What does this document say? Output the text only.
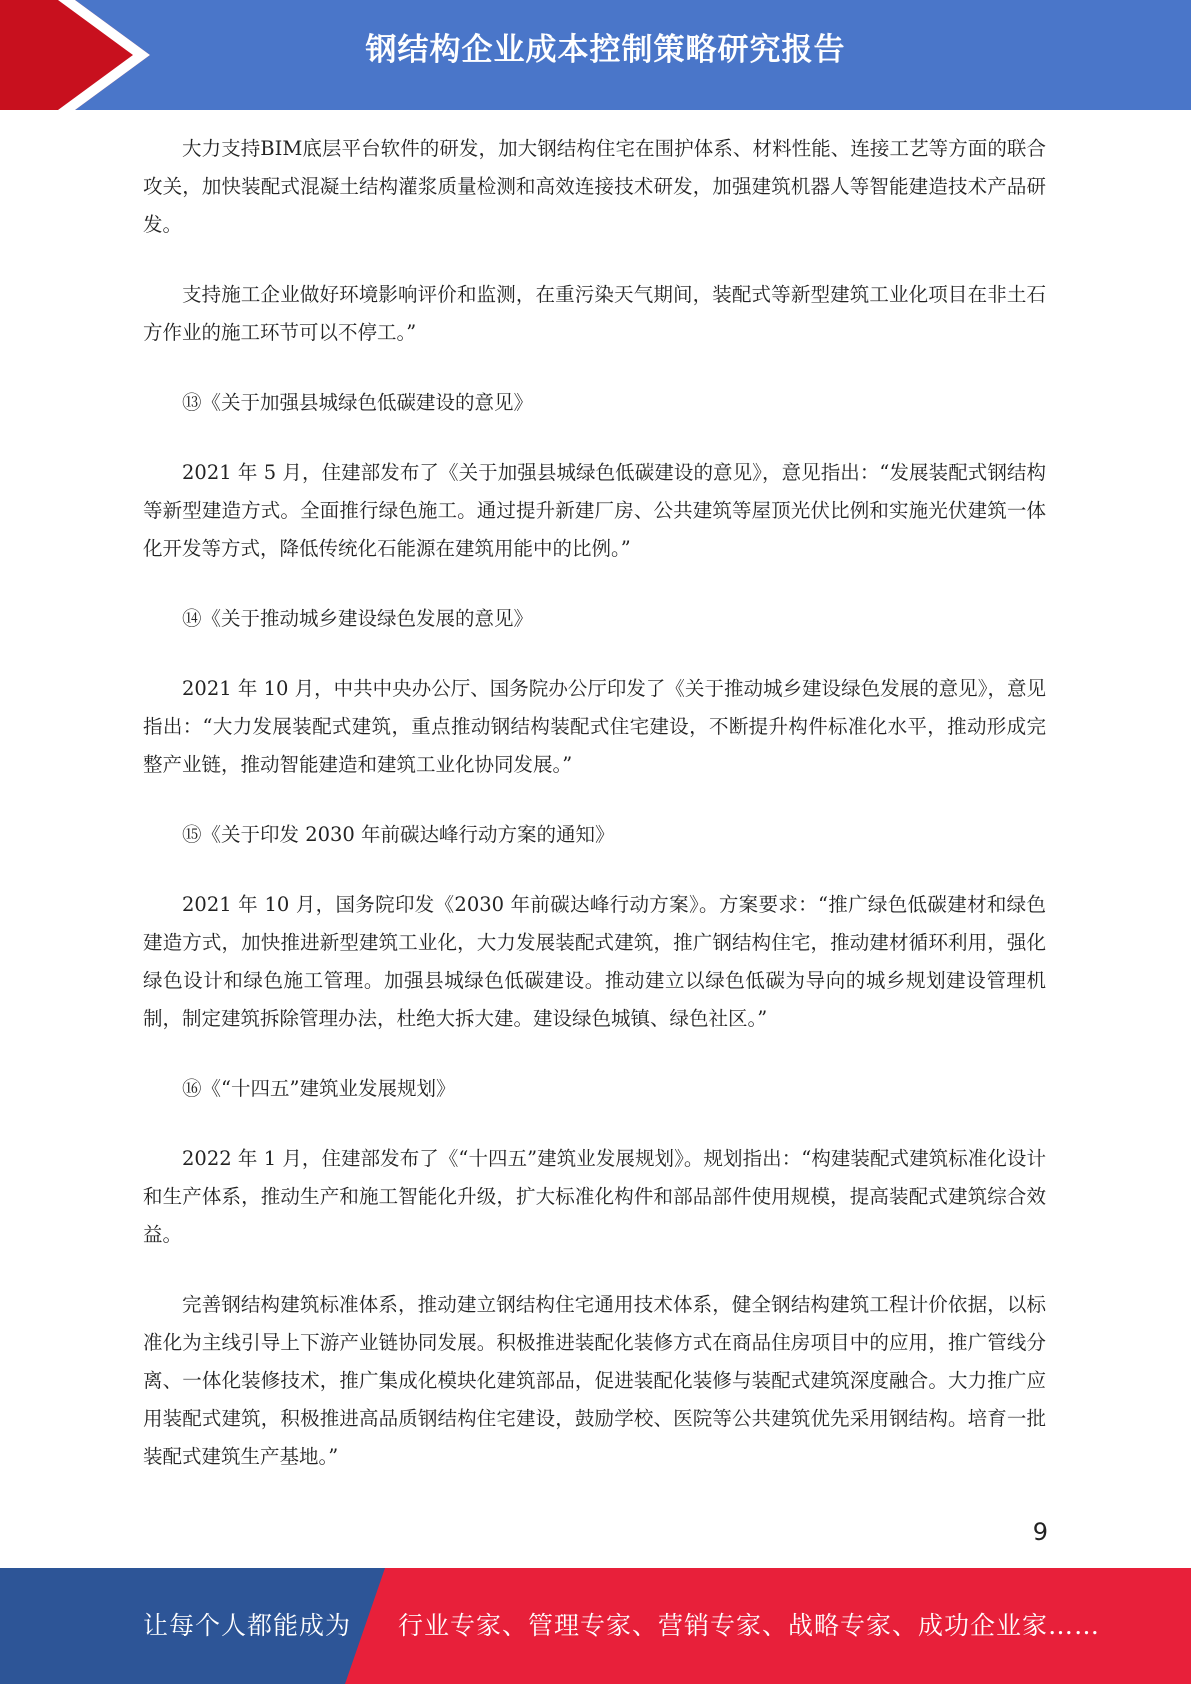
钢结构企业成本控制策略研究报告

大力支持BIM底层平台软件的研发，加大钢结构住宅在围护体系、材料性能、连接工艺等方面的联合攻关，加快装配式混凝土结构灌浆质量检测和高效连接技术研发，加强建筑机器人等智能建造技术产品研发。

支持施工企业做好环境影响评价和监测，在重污染天气期间，装配式等新型建筑工业化项目在非土石方作业的施工环节可以不停工。”

⑬《关于加强县城绿色低碳建设的意见》

2021 年 5 月，住建部发布了《关于加强县城绿色低碳建设的意见》，意见指出：“发展装配式钢结构等新型建造方式。全面推行绿色施工。通过提升新建厂房、公共建筑等屋顶光伏比例和实施光伏建筑一体化开发等方式，降低传统化石能源在建筑用能中的比例。”

⑭《关于推动城乡建设绿色发展的意见》

2021 年 10 月，中共中央办公厅、国务院办公厅印发了《关于推动城乡建设绿色发展的意见》，意见指出：“大力发展装配式建筑，重点推动钢结构装配式住宅建设，不断提升构件标准化水平，推动形成完整产业链，推动智能建造和建筑工业化协同发展。”

⑮《关于印发 2030 年前碳达峰行动方案的通知》

2021 年 10 月，国务院印发《2030 年前碳达峰行动方案》。方案要求：“推广绿色低碳建材和绿色建造方式，加快推进新型建筑工业化，大力发展装配式建筑，推广钢结构住宅，推动建材循环利用，强化绿色设计和绿色施工管理。加强县城绿色低碳建设。推动建立以绿色低碳为导向的城乡规划建设管理机制，制定建筑拆除管理办法，杜绝大拆大建。建设绿色城镇、绿色社区。”

⑯《“十四五”建筑业发展规划》

2022 年 1 月，住建部发布了《“十四五”建筑业发展规划》。规划指出：“构建装配式建筑标准化设计和生产体系，推动生产和施工智能化升级，扩大标准化构件和部品部件使用规模，提高装配式建筑综合效益。

完善钢结构建筑标准体系，推动建立钢结构住宅通用技术体系，健全钢结构建筑工程计价依据，以标准化为主线引导上下游产业链协同发展。积极推进装配化装修方式在商品住房项目中的应用，推广管线分离、一体化装修技术，推广集成化模块化建筑部品，促进装配化装修与装配式建筑深度融合。大力推广应用装配式建筑，积极推进高品质钢结构住宅建设，鼓励学校、医院等公共建筑优先采用钢结构。培育一批装配式建筑生产基地。”

9
让每个人都能成为 行业专家、管理专家、营销专家、战略专家、成功企业家……
